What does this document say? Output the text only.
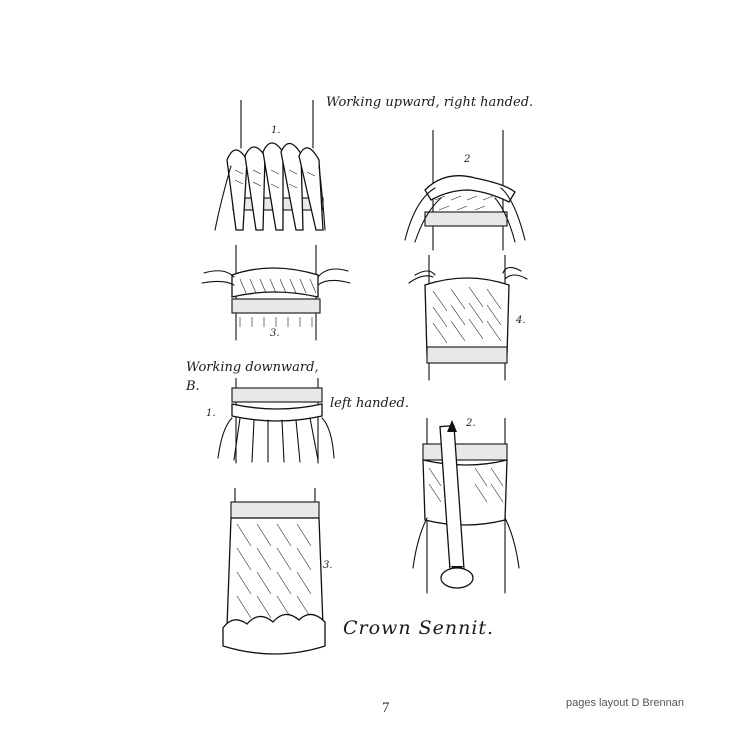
Working upward, right handed.
Working downward,
B.
left handed.
Crown Sennit.
1.
2
3.
4.
1.
2.
3.
7	pages layout D Brennan
